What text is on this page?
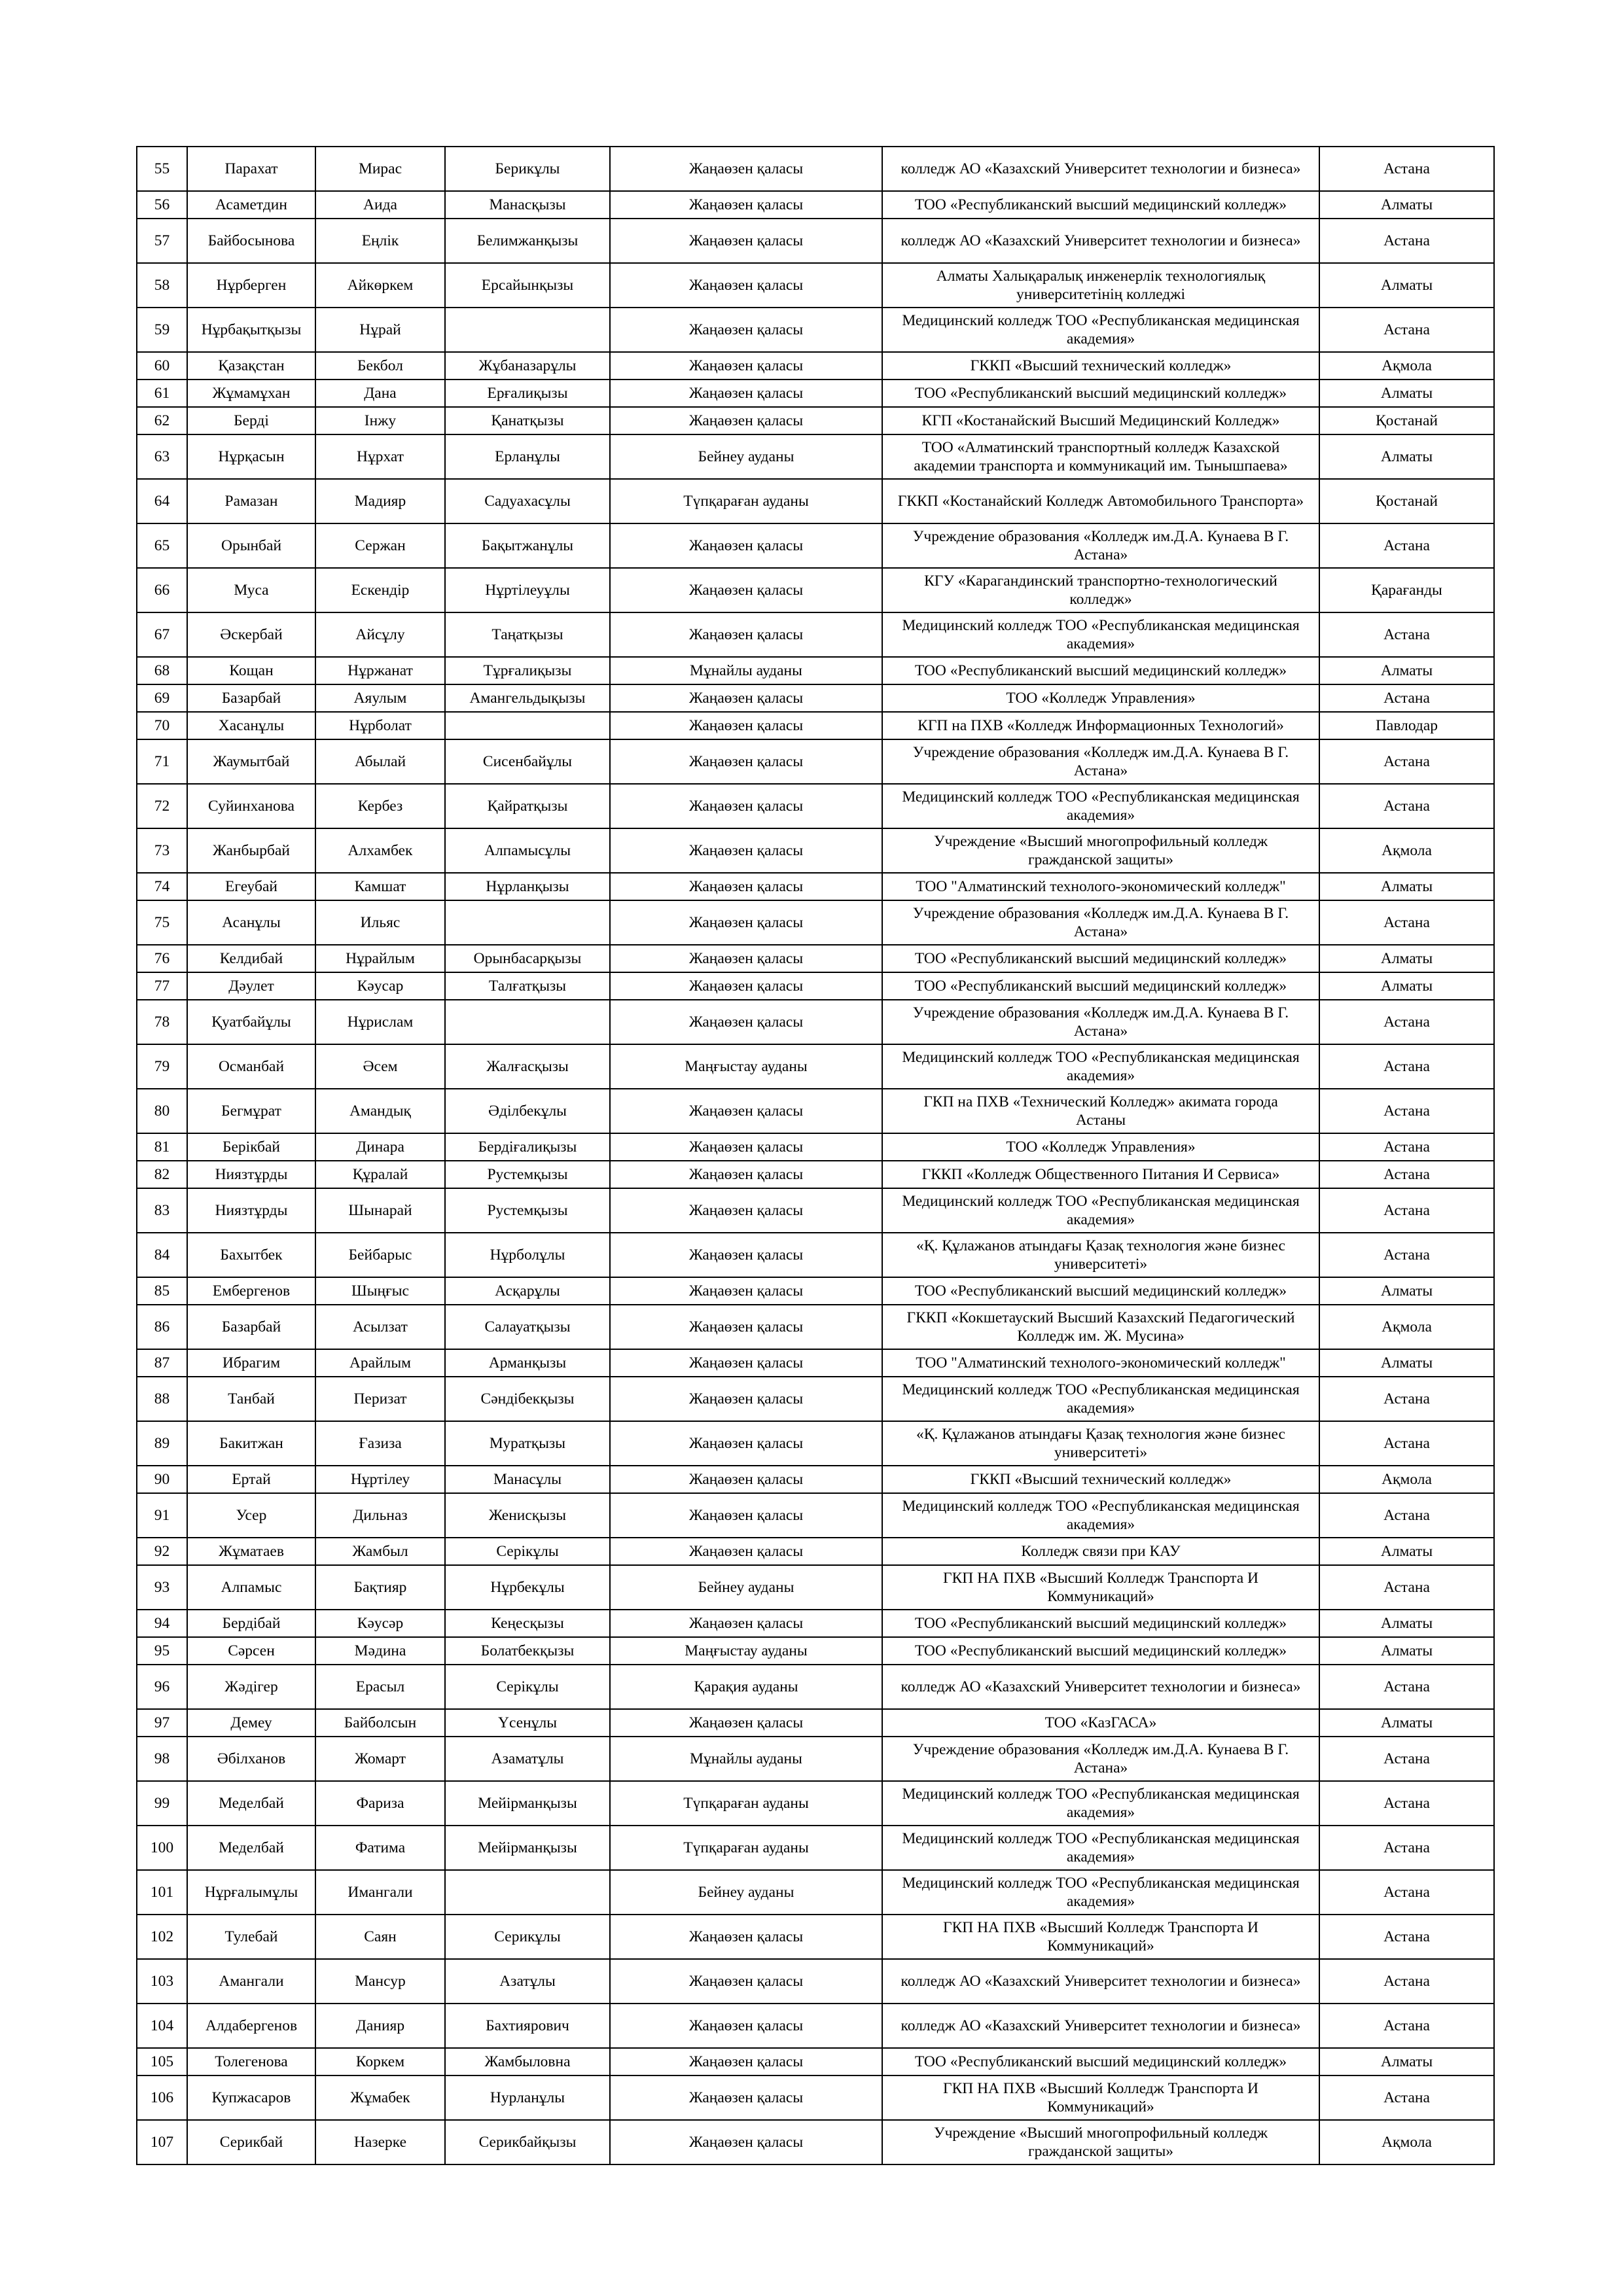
55	Парахат	Мирас	Берикұлы	Жаңаөзен қаласы	колледж АО «Казахский Университет технологии и бизнеса»	Астана
56	Асаметдин	Аида	Манасқызы	Жаңаөзен қаласы	ТОО «Республиканский высший медицинский колледж»	Алматы
57	Байбосынова	Еңлік	Белимжанқызы	Жаңаөзен қаласы	колледж АО «Казахский Университет технологии и бизнеса»	Астана
58	Нұрберген	Айкөркем	Ерсайынқызы	Жаңаөзен қаласы	Алматы Халықаралық инженерлік технологиялық университетінің колледжі	Алматы
59	Нұрбақытқызы	Нұрай		Жаңаөзен қаласы	Медицинский колледж ТОО «Республиканская медицинская академия»	Астана
60	Қазақстан	Бекбол	Жұбаназарұлы	Жаңаөзен қаласы	ГККП «Высший технический колледж»	Ақмола
61	Жұмамұхан	Дана	Ерғалиқызы	Жаңаөзен қаласы	ТОО «Республиканский высший медицинский колледж»	Алматы
62	Берді	Інжу	Қанатқызы	Жаңаөзен қаласы	КГП «Костанайский Высший Медицинский Колледж»	Қостанай
63	Нұрқасын	Нұрхат	Ерланұлы	Бейнеу ауданы	ТОО «Алматинский транспортный колледж Казахской академии транспорта и коммуникаций им. Тынышпаева»	Алматы
64	Рамазан	Мадияр	Садуахасұлы	Түпқараған ауданы	ГККП «Костанайский Колледж Автомобильного Транспорта»	Қостанай
65	Орынбай	Сержан	Бақытжанұлы	Жаңаөзен қаласы	Учреждение образования «Колледж им.Д.А. Кунаева В Г. Астана»	Астана
66	Муса	Ескендір	Нұртілеуұлы	Жаңаөзен қаласы	КГУ «Карагандинский транспортно-технологический колледж»	Қарағанды
67	Әскербай	Айсұлу	Таңатқызы	Жаңаөзен қаласы	Медицинский колледж ТОО «Республиканская медицинская академия»	Астана
68	Кощан	Нұржанат	Тұрғалиқызы	Мұнайлы ауданы	ТОО «Республиканский высший медицинский колледж»	Алматы
69	Базарбай	Аяулым	Амангельдықызы	Жаңаөзен қаласы	ТОО «Колледж Управления»	Астана
70	Хасанұлы	Нұрболат		Жаңаөзен қаласы	КГП на ПХВ «Колледж Информационных Технологий»	Павлодар
71	Жаумытбай	Абылай	Сисенбайұлы	Жаңаөзен қаласы	Учреждение образования «Колледж им.Д.А. Кунаева В Г. Астана»	Астана
72	Суйинханова	Кербез	Қайратқызы	Жаңаөзен қаласы	Медицинский колледж ТОО «Республиканская медицинская академия»	Астана
73	Жанбырбай	Алхамбек	Алпамысұлы	Жаңаөзен қаласы	Учреждение «Высший многопрофильный колледж гражданской защиты»	Ақмола
74	Егеубай	Камшат	Нұрланқызы	Жаңаөзен қаласы	ТОО "Алматинский технолого-экономический колледж"	Алматы
75	Асанұлы	Ильяс		Жаңаөзен қаласы	Учреждение образования «Колледж им.Д.А. Кунаева В Г. Астана»	Астана
76	Келдибай	Нұрайлым	Орынбасарқызы	Жаңаөзен қаласы	ТОО «Республиканский высший медицинский колледж»	Алматы
77	Дәулет	Кәусар	Талғатқызы	Жаңаөзен қаласы	ТОО «Республиканский высший медицинский колледж»	Алматы
78	Қуатбайұлы	Нұрислам		Жаңаөзен қаласы	Учреждение образования «Колледж им.Д.А. Кунаева В Г. Астана»	Астана
79	Османбай	Әсем	Жалғасқызы	Маңғыстау ауданы	Медицинский колледж ТОО «Республиканская медицинская академия»	Астана
80	Бегмұрат	Амандық	Әділбекұлы	Жаңаөзен қаласы	ГКП на ПХВ «Технический Колледж» акимата города Астаны	Астана
81	Берікбай	Динара	Бердіғалиқызы	Жаңаөзен қаласы	ТОО «Колледж Управления»	Астана
82	Ниязтұрды	Құралай	Рустемқызы	Жаңаөзен қаласы	ГККП «Колледж Общественного Питания И Сервиса»	Астана
83	Ниязтұрды	Шынарай	Рустемқызы	Жаңаөзен қаласы	Медицинский колледж ТОО «Республиканская медицинская академия»	Астана
84	Бахытбек	Бейбарыс	Нұрболұлы	Жаңаөзен қаласы	«Қ. Құлажанов атындағы Қазақ технология және бизнес университеті»	Астана
85	Ембергенов	Шыңғыс	Асқарұлы	Жаңаөзен қаласы	ТОО «Республиканский высший медицинский колледж»	Алматы
86	Базарбай	Асылзат	Салауатқызы	Жаңаөзен қаласы	ГККП «Кокшетауский Высший Казахский Педагогический Колледж им. Ж. Мусина»	Ақмола
87	Ибрагим	Арайлым	Арманқызы	Жаңаөзен қаласы	ТОО "Алматинский технолого-экономический колледж"	Алматы
88	Танбай	Перизат	Сәндібекқызы	Жаңаөзен қаласы	Медицинский колледж ТОО «Республиканская медицинская академия»	Астана
89	Бакитжан	Ғазиза	Муратқызы	Жаңаөзен қаласы	«Қ. Құлажанов атындағы Қазақ технология және бизнес университеті»	Астана
90	Ертай	Нұртілеу	Манасұлы	Жаңаөзен қаласы	ГККП «Высший технический колледж»	Ақмола
91	Усер	Дильназ	Женисқызы	Жаңаөзен қаласы	Медицинский колледж ТОО «Республиканская медицинская академия»	Астана
92	Жұматаев	Жамбыл	Серікұлы	Жаңаөзен қаласы	Колледж связи при КАУ	Алматы
93	Алпамыс	Бақтияр	Нұрбекұлы	Бейнеу ауданы	ГКП НА ПХВ «Высший Колледж Транспорта И Коммуникаций»	Астана
94	Бердібай	Кәусәр	Кеңесқызы	Жаңаөзен қаласы	ТОО «Республиканский высший медицинский колледж»	Алматы
95	Сәрсен	Мәдина	Болатбекқызы	Маңғыстау ауданы	ТОО «Республиканский высший медицинский колледж»	Алматы
96	Жәдігер	Ерасыл	Серікұлы	Қарақия ауданы	колледж АО «Казахский Университет технологии и бизнеса»	Астана
97	Демеу	Байболсын	Үсенұлы	Жаңаөзен қаласы	ТОО «КазГАСА»	Алматы
98	Әбілханов	Жомарт	Азаматұлы	Мұнайлы ауданы	Учреждение образования «Колледж им.Д.А. Кунаева В Г. Астана»	Астана
99	Меделбай	Фариза	Мейірманқызы	Түпқараған ауданы	Медицинский колледж ТОО «Республиканская медицинская академия»	Астана
100	Меделбай	Фатима	Мейірманқызы	Түпқараған ауданы	Медицинский колледж ТОО «Республиканская медицинская академия»	Астана
101	Нұрғалымұлы	Имангали		Бейнеу ауданы	Медицинский колледж ТОО «Республиканская медицинская академия»	Астана
102	Тулебай	Саян	Серикұлы	Жаңаөзен қаласы	ГКП НА ПХВ «Высший Колледж Транспорта И Коммуникаций»	Астана
103	Амангали	Мансур	Азатұлы	Жаңаөзен қаласы	колледж АО «Казахский Университет технологии и бизнеса»	Астана
104	Алдабергенов	Данияр	Бахтиярович	Жаңаөзен қаласы	колледж АО «Казахский Университет технологии и бизнеса»	Астана
105	Толегенова	Коркем	Жамбыловна	Жаңаөзен қаласы	ТОО «Республиканский высший медицинский колледж»	Алматы
106	Купжасаров	Жұмабек	Нурланұлы	Жаңаөзен қаласы	ГКП НА ПХВ «Высший Колледж Транспорта И Коммуникаций»	Астана
107	Серикбай	Назерке	Серикбайқызы	Жаңаөзен қаласы	Учреждение «Высший многопрофильный колледж гражданской защиты»	Ақмола
